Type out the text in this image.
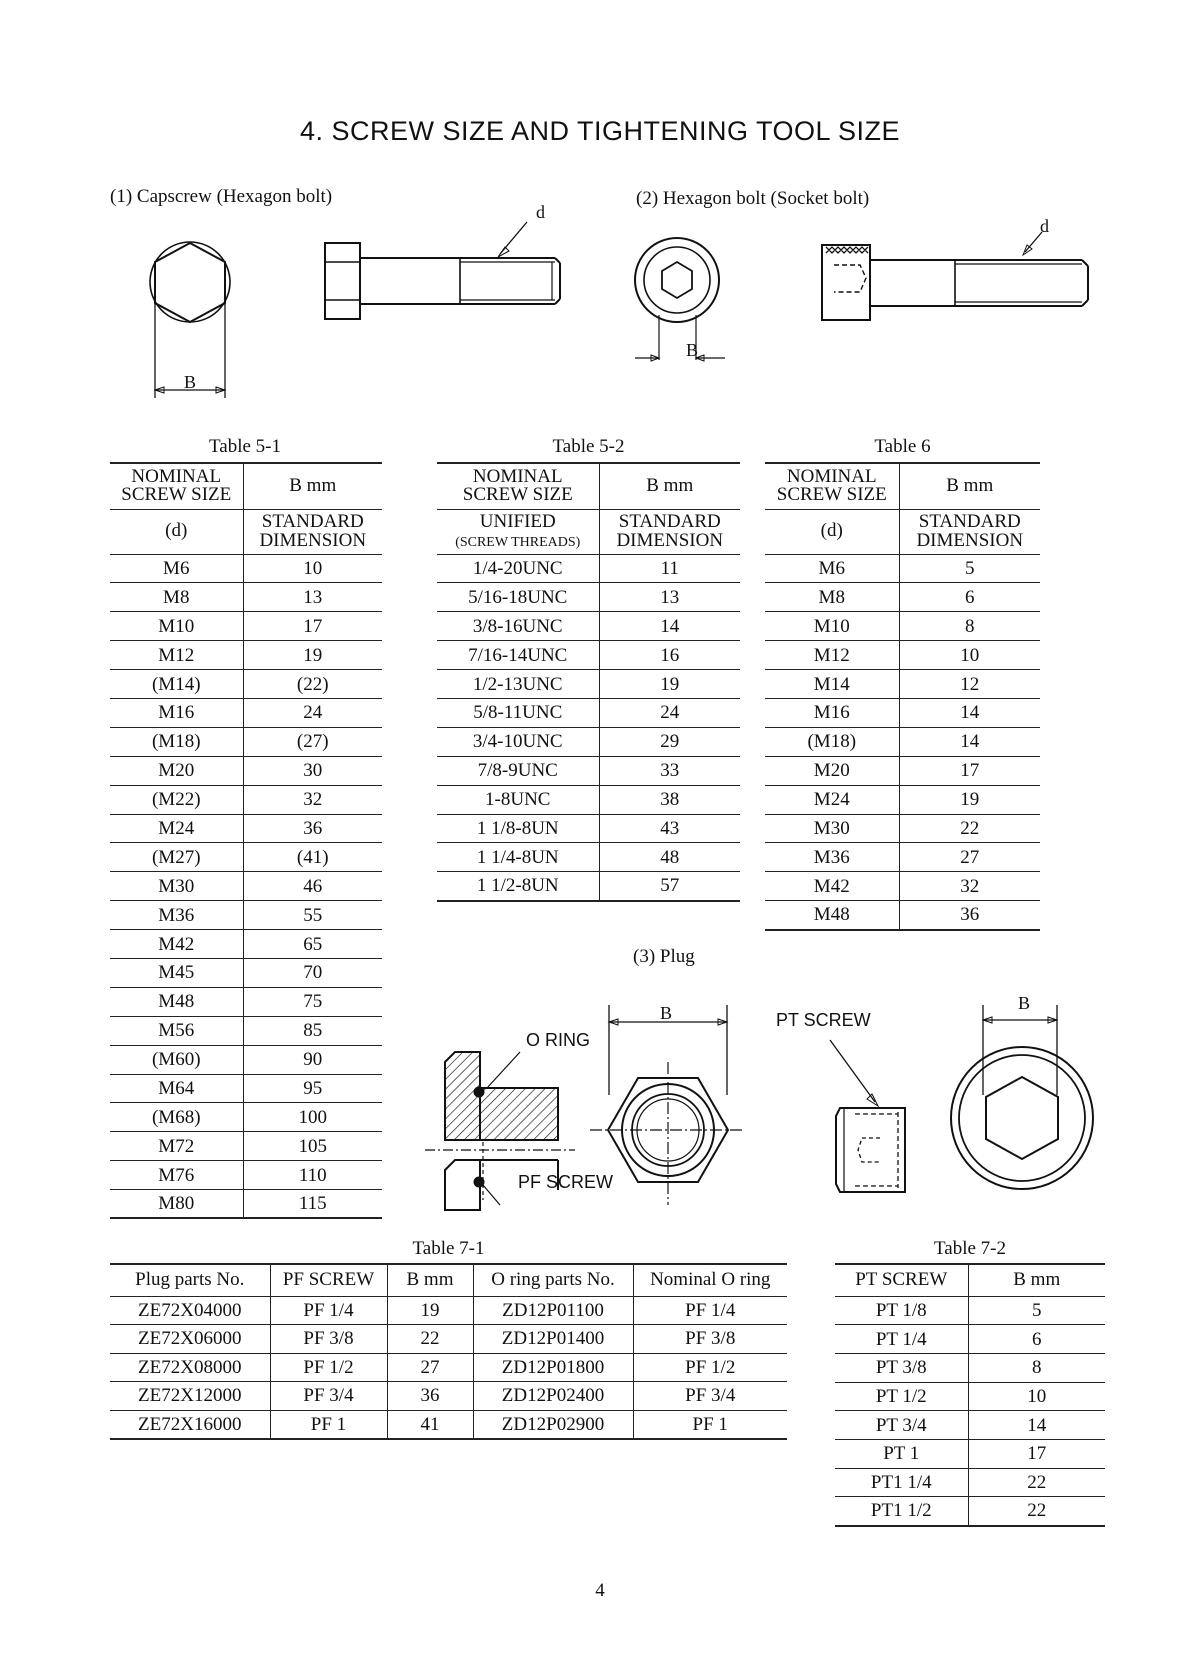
4. SCREW SIZE AND TIGHTENING TOOL SIZE
(1) Capscrew (Hexagon bolt)	(2) Hexagon bolt (Socket bolt)
B
d
B
d
Table 5-1	Table 5-2	Table 6
NOMINAL
SCREW SIZE	B mm
(d)	STANDARD
DIMENSION
M6	10
M8	13
M10	17
M12	19
(M14)	(22)
M16	24
(M18)	(27)
M20	30
(M22)	32
M24	36
(M27)	(41)
M30	46
M36	55
M42	65
M45	70
M48	75
M56	85
(M60)	90
M64	95
(M68)	100
M72	105
M76	110
M80	115
NOMINAL
SCREW SIZE	B mm
UNIFIED
(SCREW THREADS)	STANDARD
DIMENSION
1/4-20UNC	11
5/16-18UNC	13
3/8-16UNC	14
7/16-14UNC	16
1/2-13UNC	19
5/8-11UNC	24
3/4-10UNC	29
7/8-9UNC	33
1-8UNC	38
1 1/8-8UN	43
1 1/4-8UN	48
1 1/2-8UN	57
NOMINAL
SCREW SIZE	B mm
(d)	STANDARD
DIMENSION
M6	5
M8	6
M10	8
M12	10
M14	12
M16	14
(M18)	14
M20	17
M24	19
M30	22
M36	27
M42	32
M48	36
(3) Plug
O RING
PF SCREW
B	PT SCREW
B
Table 7-1
Plug parts No.	PF SCREW	B mm	O ring parts No.	Nominal O ring
ZE72X04000	PF 1/4	19	ZD12P01100	PF 1/4
ZE72X06000	PF 3/8	22	ZD12P01400	PF 3/8
ZE72X08000	PF 1/2	27	ZD12P01800	PF 1/2
ZE72X12000	PF 3/4	36	ZD12P02400	PF 3/4
ZE72X16000	PF 1	41	ZD12P02900	PF 1
Table 7-2
PT SCREW	B mm
PT 1/8	5
PT 1/4	6
PT 3/8	8
PT 1/2	10
PT 3/4	14
PT 1	17
PT1 1/4	22
PT1 1/2	22
4
